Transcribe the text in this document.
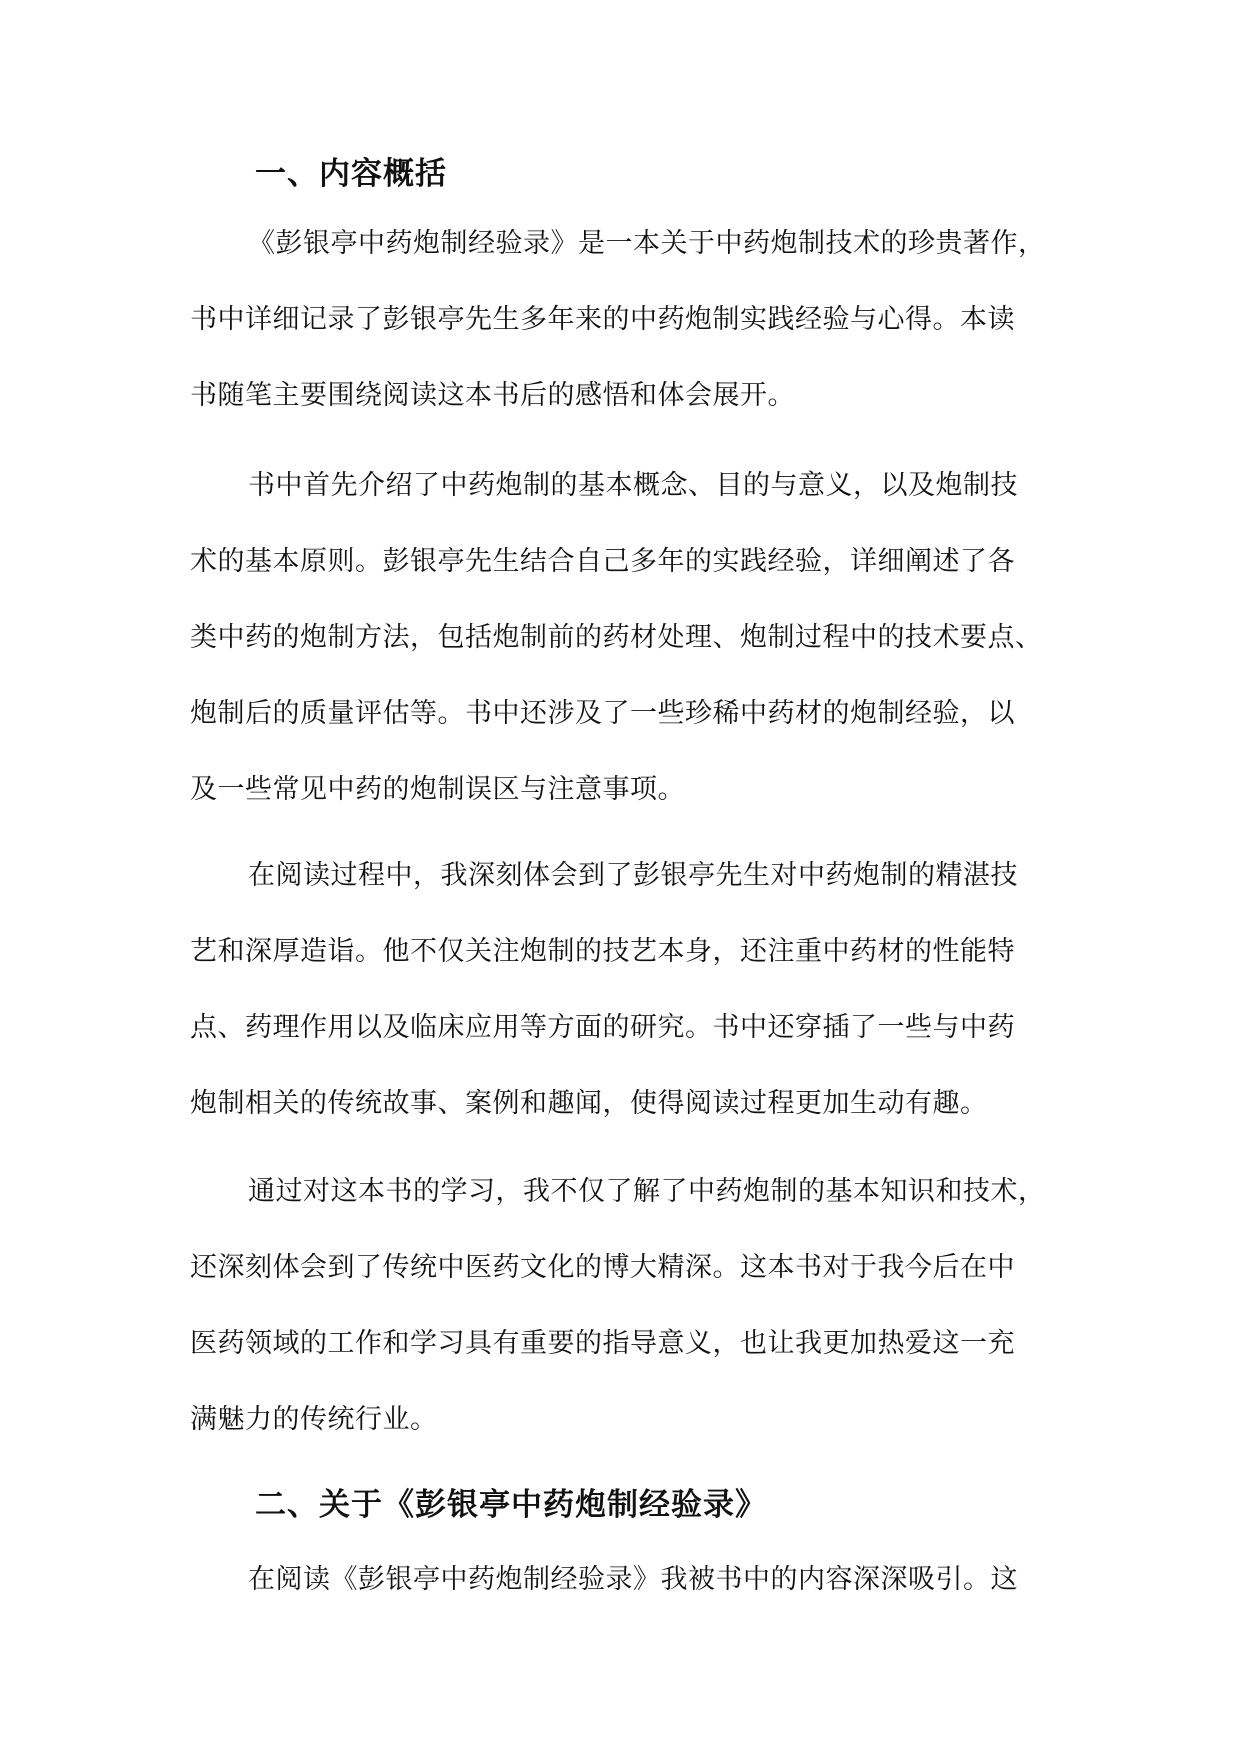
一、内容概括
《彭银亭中药炮制经验录》是一本关于中药炮制技术的珍贵著作，
书中详细记录了彭银亭先生多年来的中药炮制实践经验与心得。本读
书随笔主要围绕阅读这本书后的感悟和体会展开。
书中首先介绍了中药炮制的基本概念、目的与意义，以及炮制技
术的基本原则。彭银亭先生结合自己多年的实践经验，详细阐述了各
类中药的炮制方法，包括炮制前的药材处理、炮制过程中的技术要点、
炮制后的质量评估等。书中还涉及了一些珍稀中药材的炮制经验，以
及一些常见中药的炮制误区与注意事项。
在阅读过程中，我深刻体会到了彭银亭先生对中药炮制的精湛技
艺和深厚造诣。他不仅关注炮制的技艺本身，还注重中药材的性能特
点、药理作用以及临床应用等方面的研究。书中还穿插了一些与中药
炮制相关的传统故事、案例和趣闻，使得阅读过程更加生动有趣。
通过对这本书的学习，我不仅了解了中药炮制的基本知识和技术，
还深刻体会到了传统中医药文化的博大精深。这本书对于我今后在中
医药领域的工作和学习具有重要的指导意义，也让我更加热爱这一充
满魅力的传统行业。
二、关于《彭银亭中药炮制经验录》
在阅读《彭银亭中药炮制经验录》我被书中的内容深深吸引。这
